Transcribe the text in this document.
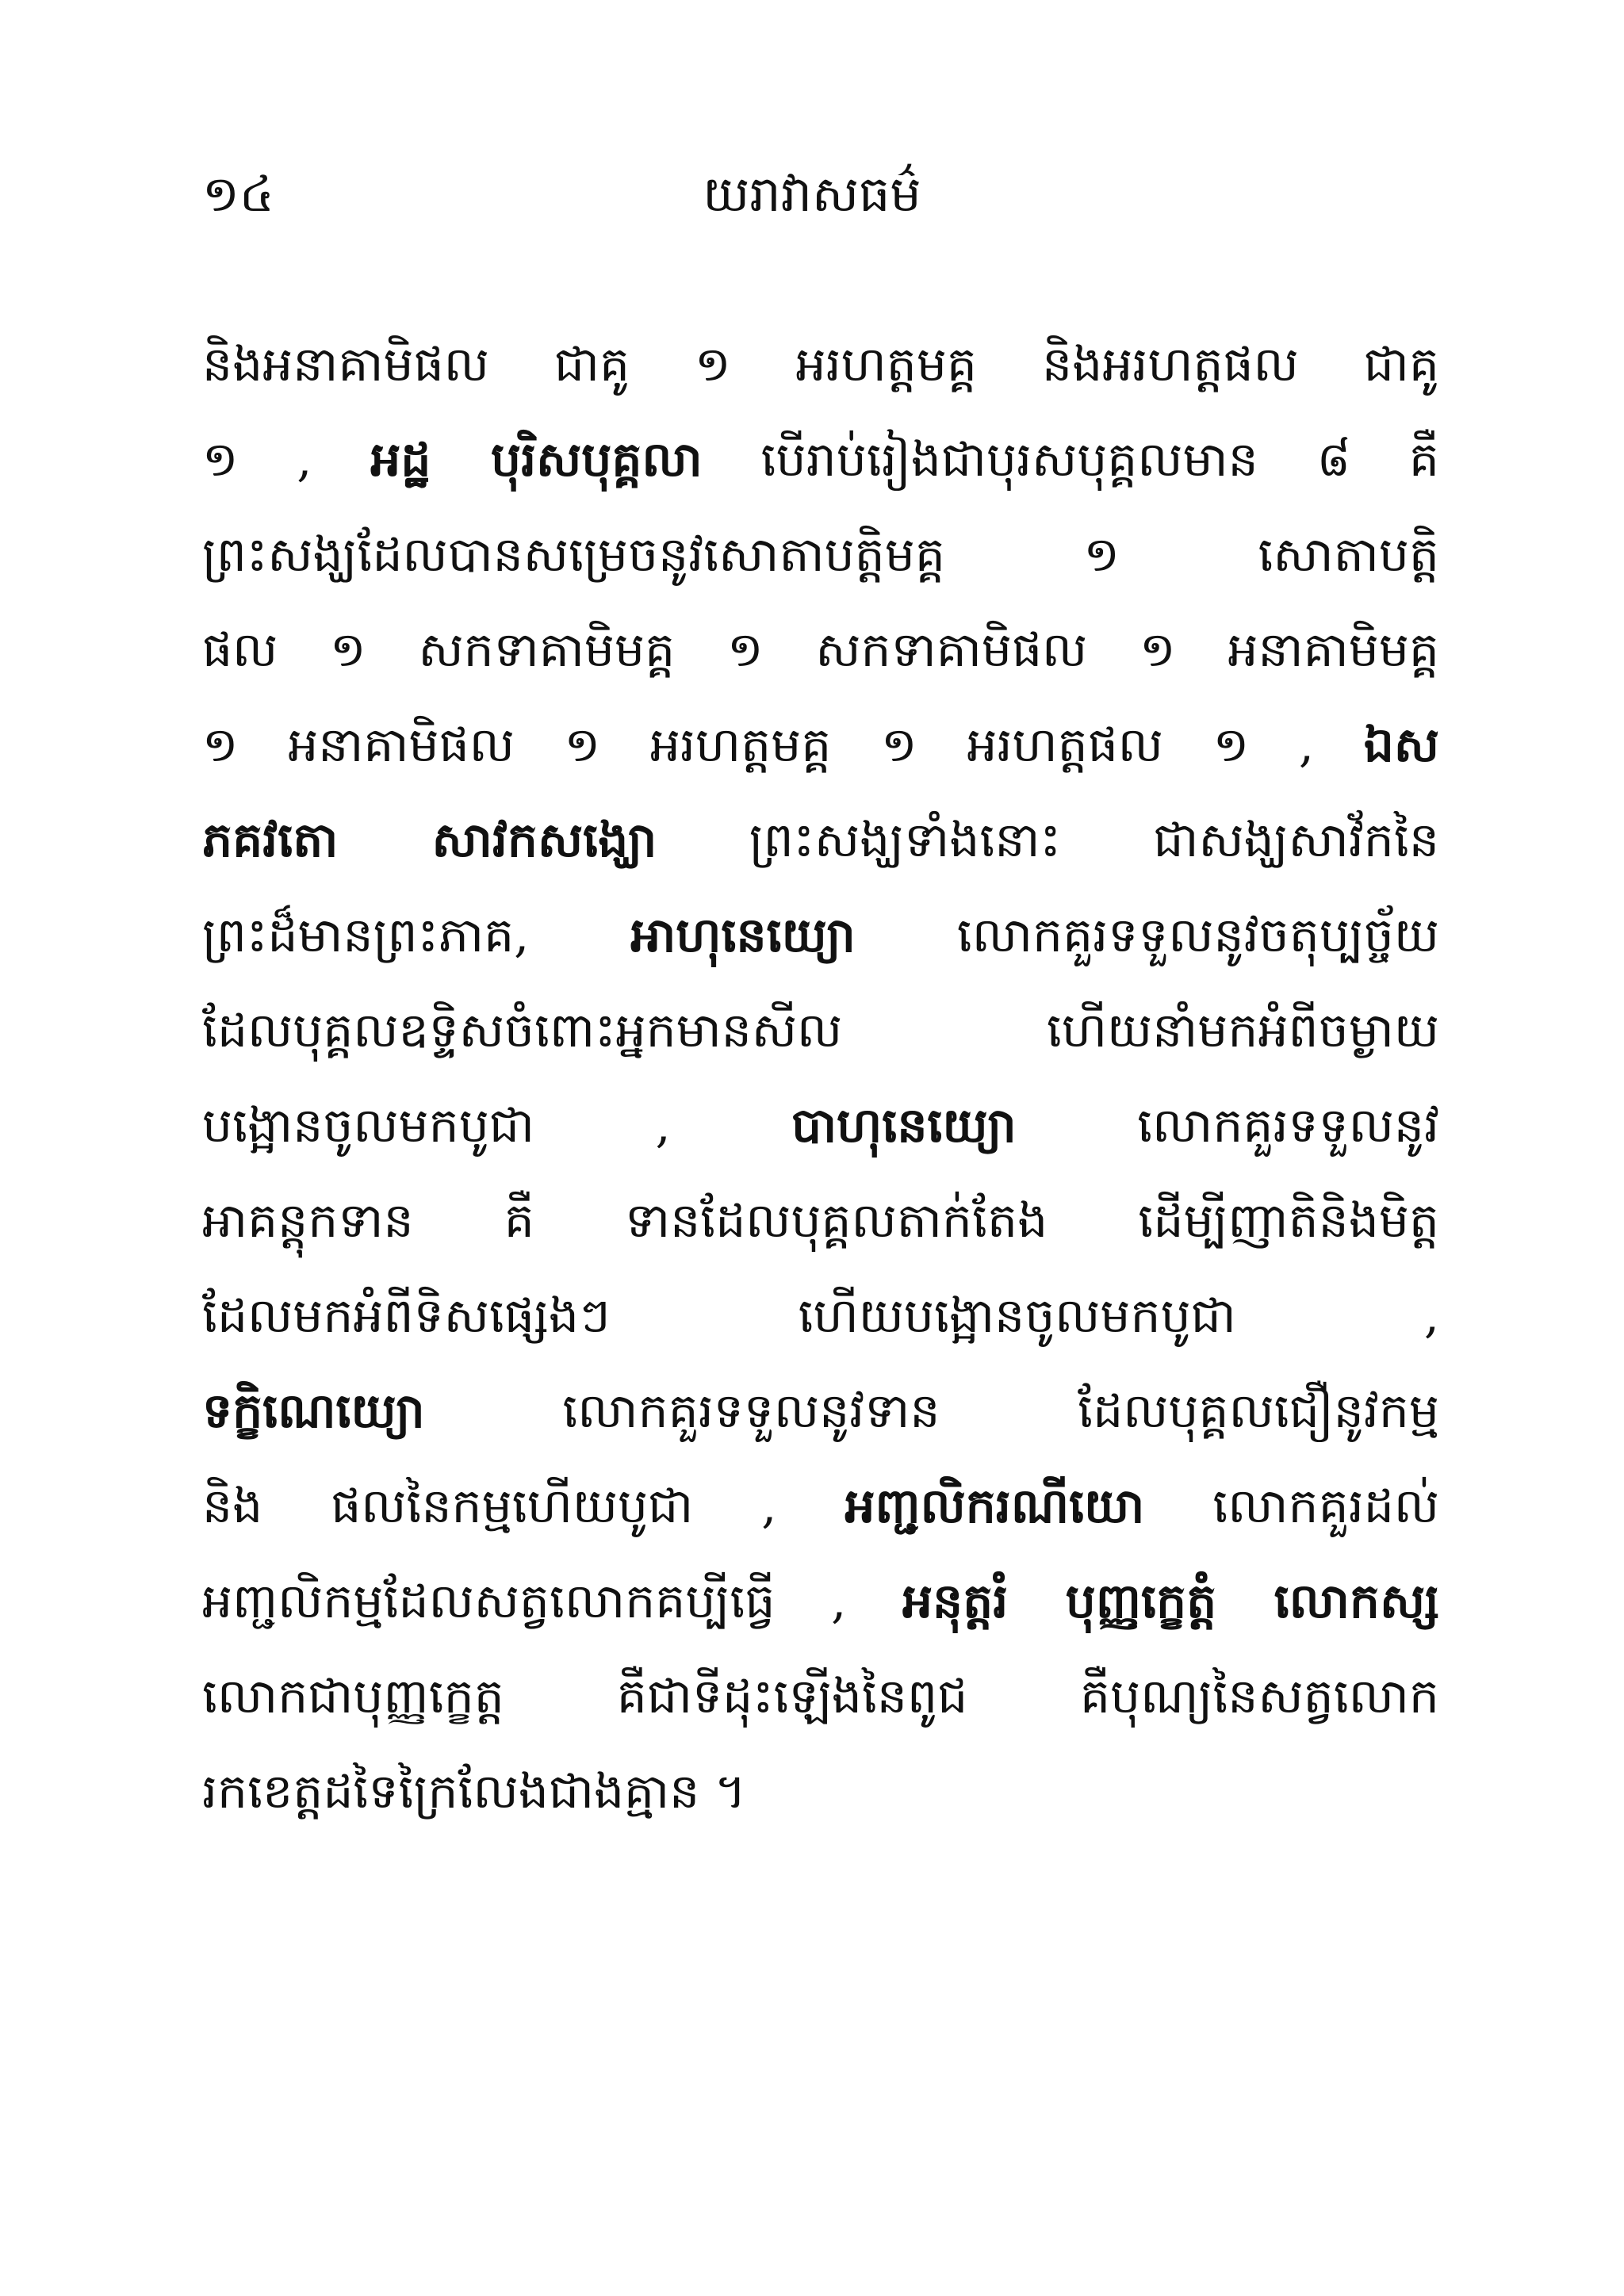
យរាវាសធម៌
១៤
និងអនាគាមិផល ជាគូ ១ អរហត្តមគ្គ និងអរហត្តផល ជាគូ
១ , អដ្ឋ បុរិសបុគ្គលា បើរាប់រៀងជាបុរសបុគ្គលមាន ៨ គឺ
ព្រះសង្ឃដែលបានសម្រេចនូវសោតាបត្តិមគ្គ ១ សោតាបត្តិ
ផល ១ សកទាគាមិមគ្គ ១ សកទាគាមិផល ១ អនាគាមិមគ្គ
១ អនាគាមិផល ១ អរហត្តមគ្គ ១ អរហត្តផល ១ , ឯស
ភគវតោ សាវកសង្ឃោ ព្រះសង្ឃទាំងនោះ ជាសង្ឃសាវ័កនៃ
ព្រះដ៏មានព្រះភាគ, អាហុនេយ្យោ លោកគួរទទួលនូវចតុប្បច្ច័យ
ដែលបុគ្គលឧទ្ទិសចំពោះអ្នកមានសីល ហើយនាំមកអំពីចម្ងាយ
បង្អោនចូលមកបូជា , បាហុនេយ្យោ លោកគួរទទួលនូវ
អាគន្តុកទាន គឺ ទានដែលបុគ្គលតាក់តែង ដើម្បីញាតិនិងមិត្ត
ដែលមកអំពីទិសផ្សេងៗ ហើយបង្អោនចូលមកបូជា ,
ទក្ខិណេយ្យោ លោកគួរទទួលនូវទាន ដែលបុគ្គលជឿនូវកម្ម
និង ផលនៃកម្មហើយបូជា , អញ្ជលិករណីយោ លោកគួរដល់
អញ្ជលិកម្មដែលសត្វលោកគប្បីធ្វើ , អនុត្តរំ បុញ្ញក្ខេត្តំ លោកស្ស
លោកជាបុញ្ញក្ខេត្ត គឺជាទីដុះឡើងនៃពូជ គឺបុណ្យនៃសត្វលោក
រកខេត្តដទៃក្រៃលែងជាងគ្មាន ។
